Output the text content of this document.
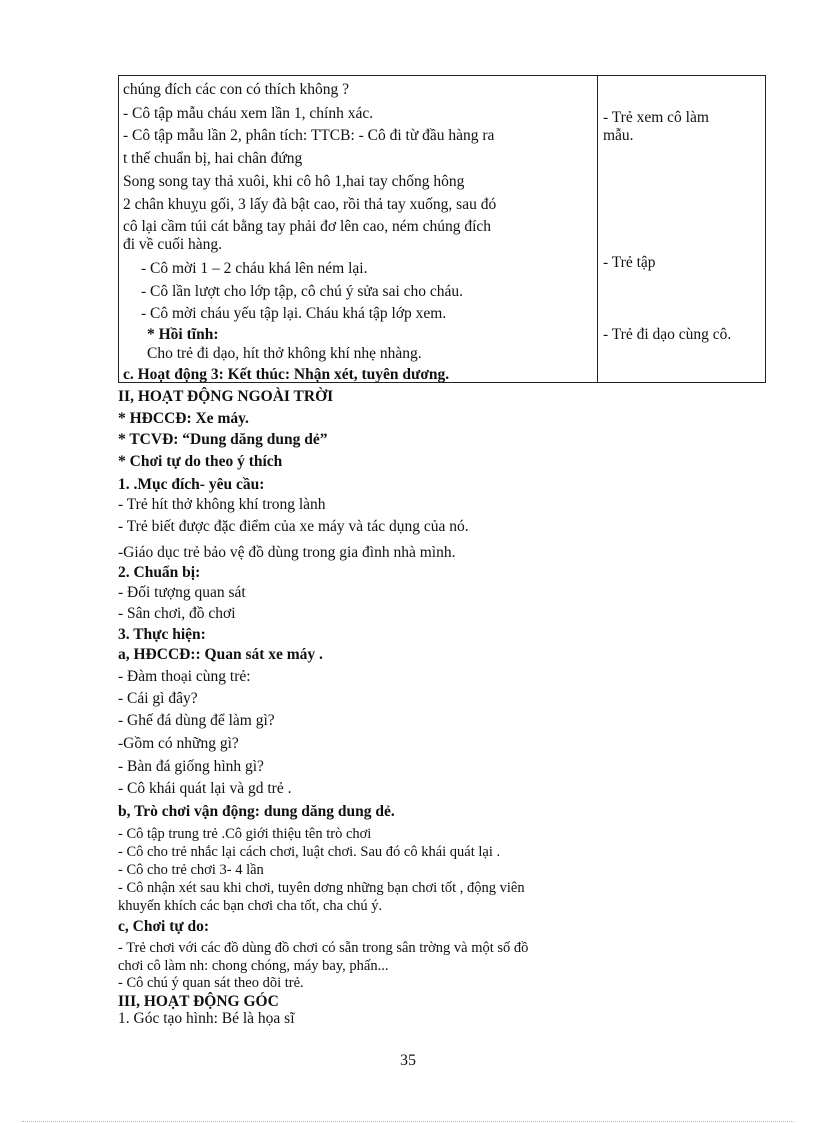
chúng đích các con có thích không ?
- Cô tập mẫu cháu xem lần 1, chính xác.
- Cô tập mẫu lần 2, phân tích: TTCB: - Cô đi từ đầu hàng ra
t thế chuẩn bị, hai chân đứng
Song song tay thả xuôi, khi cô hô 1,hai tay chống hông
2 chân khuỵu gối, 3 lấy đà bật cao, rồi thả tay xuống, sau đó
cô lại cầm túi cát bằng tay phải đơ lên cao, ném chúng đích
đi về cuối hàng.
- Cô mời 1 – 2 cháu khá lên ném lại.
- Cô lần lượt cho lớp tập, cô chú ý sửa sai cho cháu.
- Cô mời cháu yếu tập lại. Cháu khá tập lớp xem.
* Hồi tĩnh:
Cho trẻ đi dạo, hít thở không khí nhẹ nhàng.
c. Hoạt động 3: Kết thúc: Nhận xét, tuyên dương.
- Trẻ xem cô làm
mẫu.
- Trẻ tập
- Trẻ đi dạo cùng cô.
II, HOẠT ĐỘNG NGOÀI TRỜI
* HĐCCĐ: Xe máy.
* TCVĐ: “Dung dăng dung dẻ”
* Chơi tự do theo ý thích
1. .Mục đích- yêu cầu:
- Trẻ hít thở không khí trong lành
- Trẻ biết được đặc điểm của xe máy và tác dụng của nó.
-Giáo dục trẻ bảo vệ đồ dùng trong gia đình nhà mình.
2. Chuẩn bị:
- Đối tượng quan sát
- Sân chơi, đồ chơi
3. Thực hiện:
a, HĐCCĐ:: Quan sát xe máy .
- Đàm thoại cùng trẻ:
- Cái gì đây?
- Ghế đá dùng để làm gì?
-Gồm có những gì?
- Bàn đá giống hình gì?
- Cô khái quát lại và gd trẻ .
b, Trò chơi vận động: dung dăng dung dẻ.
- Cô tập trung trẻ .Cô giới thiệu tên trò chơi
- Cô cho trẻ nhắc lại cách chơi, luật chơi. Sau đó cô khái quát lại .
- Cô cho trẻ chơi 3- 4 lần
- Cô nhận xét sau khi chơi, tuyên dơng những bạn chơi tốt , động viên
khuyến khích các bạn chơi cha tốt, cha chú ý.
c, Chơi tự do:
- Trẻ chơi với các đồ dùng đồ chơi có sẵn trong sân trờng và một số đồ
chơi cô làm nh: chong chóng, máy bay, phấn...
- Cô chú ý quan sát theo dõi trẻ.
III, HOẠT ĐỘNG GÓC
1. Góc tạo hình: Bé là họa sĩ
35
